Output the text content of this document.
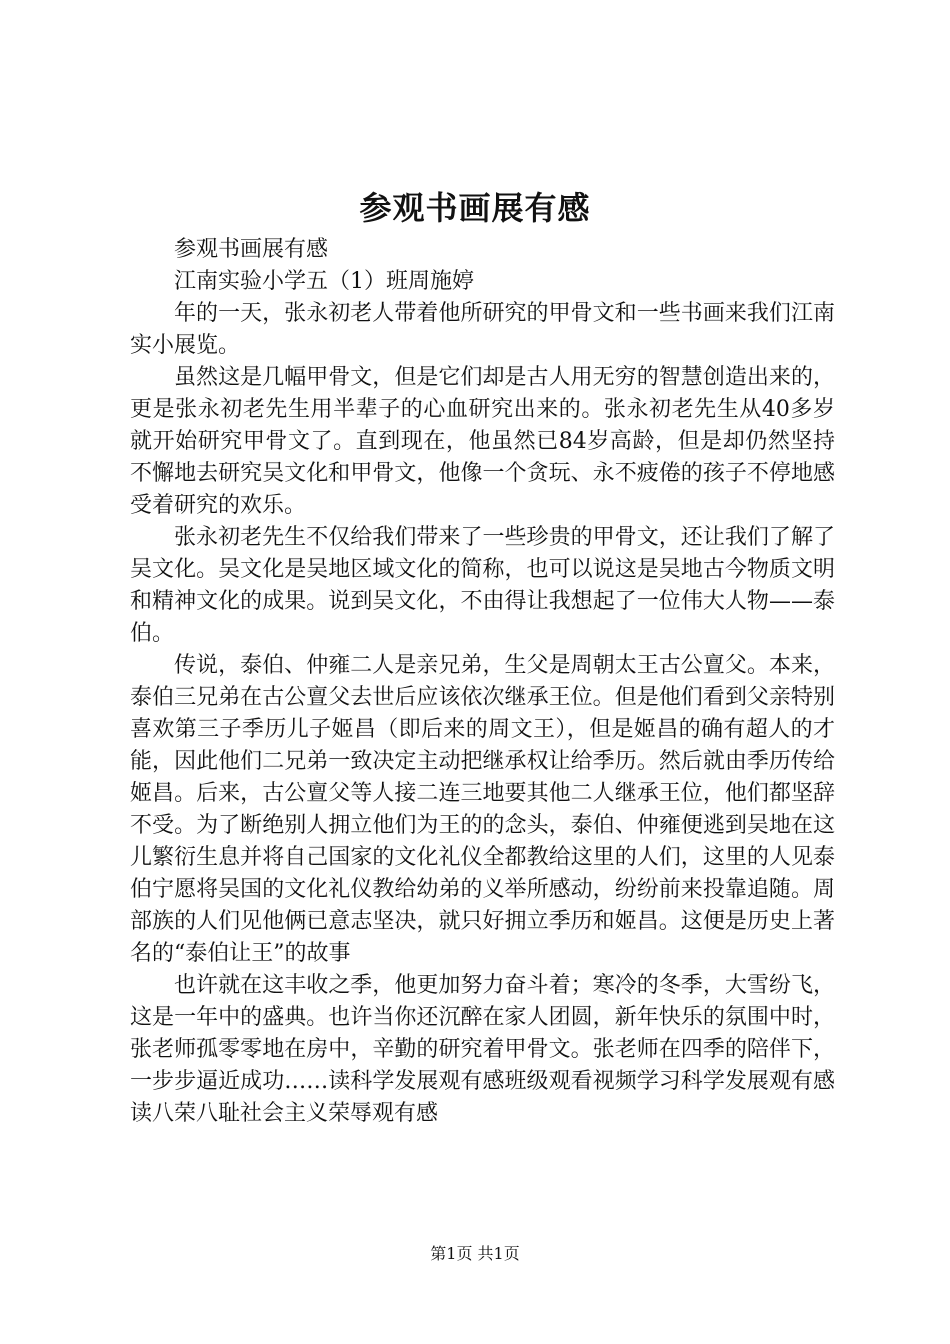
参观书画展有感

参观书画展有感

江南实验小学五（1）班周施婷

年的一天，张永初老人带着他所研究的甲骨文和一些书画来我们江南实小展览。

虽然这是几幅甲骨文，但是它们却是古人用无穷的智慧创造出来的，更是张永初老先生用半辈子的心血研究出来的。张永初老先生从40多岁就开始研究甲骨文了。直到现在，他虽然已84岁高龄，但是却仍然坚持不懈地去研究吴文化和甲骨文，他像一个贪玩、永不疲倦的孩子不停地感受着研究的欢乐。

张永初老先生不仅给我们带来了一些珍贵的甲骨文，还让我们了解了吴文化。吴文化是吴地区域文化的简称，也可以说这是吴地古今物质文明和精神文化的成果。说到吴文化，不由得让我想起了一位伟大人物——泰伯。

传说，泰伯、仲雍二人是亲兄弟，生父是周朝太王古公亶父。本来，泰伯三兄弟在古公亶父去世后应该依次继承王位。但是他们看到父亲特别喜欢第三子季历儿子姬昌（即后来的周文王），但是姬昌的确有超人的才能，因此他们二兄弟一致决定主动把继承权让给季历。然后就由季历传给姬昌。后来，古公亶父等人接二连三地要其他二人继承王位，他们都坚辞不受。为了断绝别人拥立他们为王的的念头，泰伯、仲雍便逃到吴地在这儿繁衍生息并将自己国家的文化礼仪全都教给这里的人们，这里的人见泰伯宁愿将吴国的文化礼仪教给幼弟的义举所感动，纷纷前来投靠追随。周部族的人们见他俩已意志坚决，就只好拥立季历和姬昌。这便是历史上著名的“泰伯让王”的故事

也许就在这丰收之季，他更加努力奋斗着；寒冷的冬季，大雪纷飞，这是一年中的盛典。也许当你还沉醉在家人团圆，新年快乐的氛围中时，张老师孤零零地在房中，辛勤的研究着甲骨文。张老师在四季的陪伴下，一步步逼近成功……读科学发展观有感班级观看视频学习科学发展观有感读八荣八耻社会主义荣辱观有感

第1页 共1页
